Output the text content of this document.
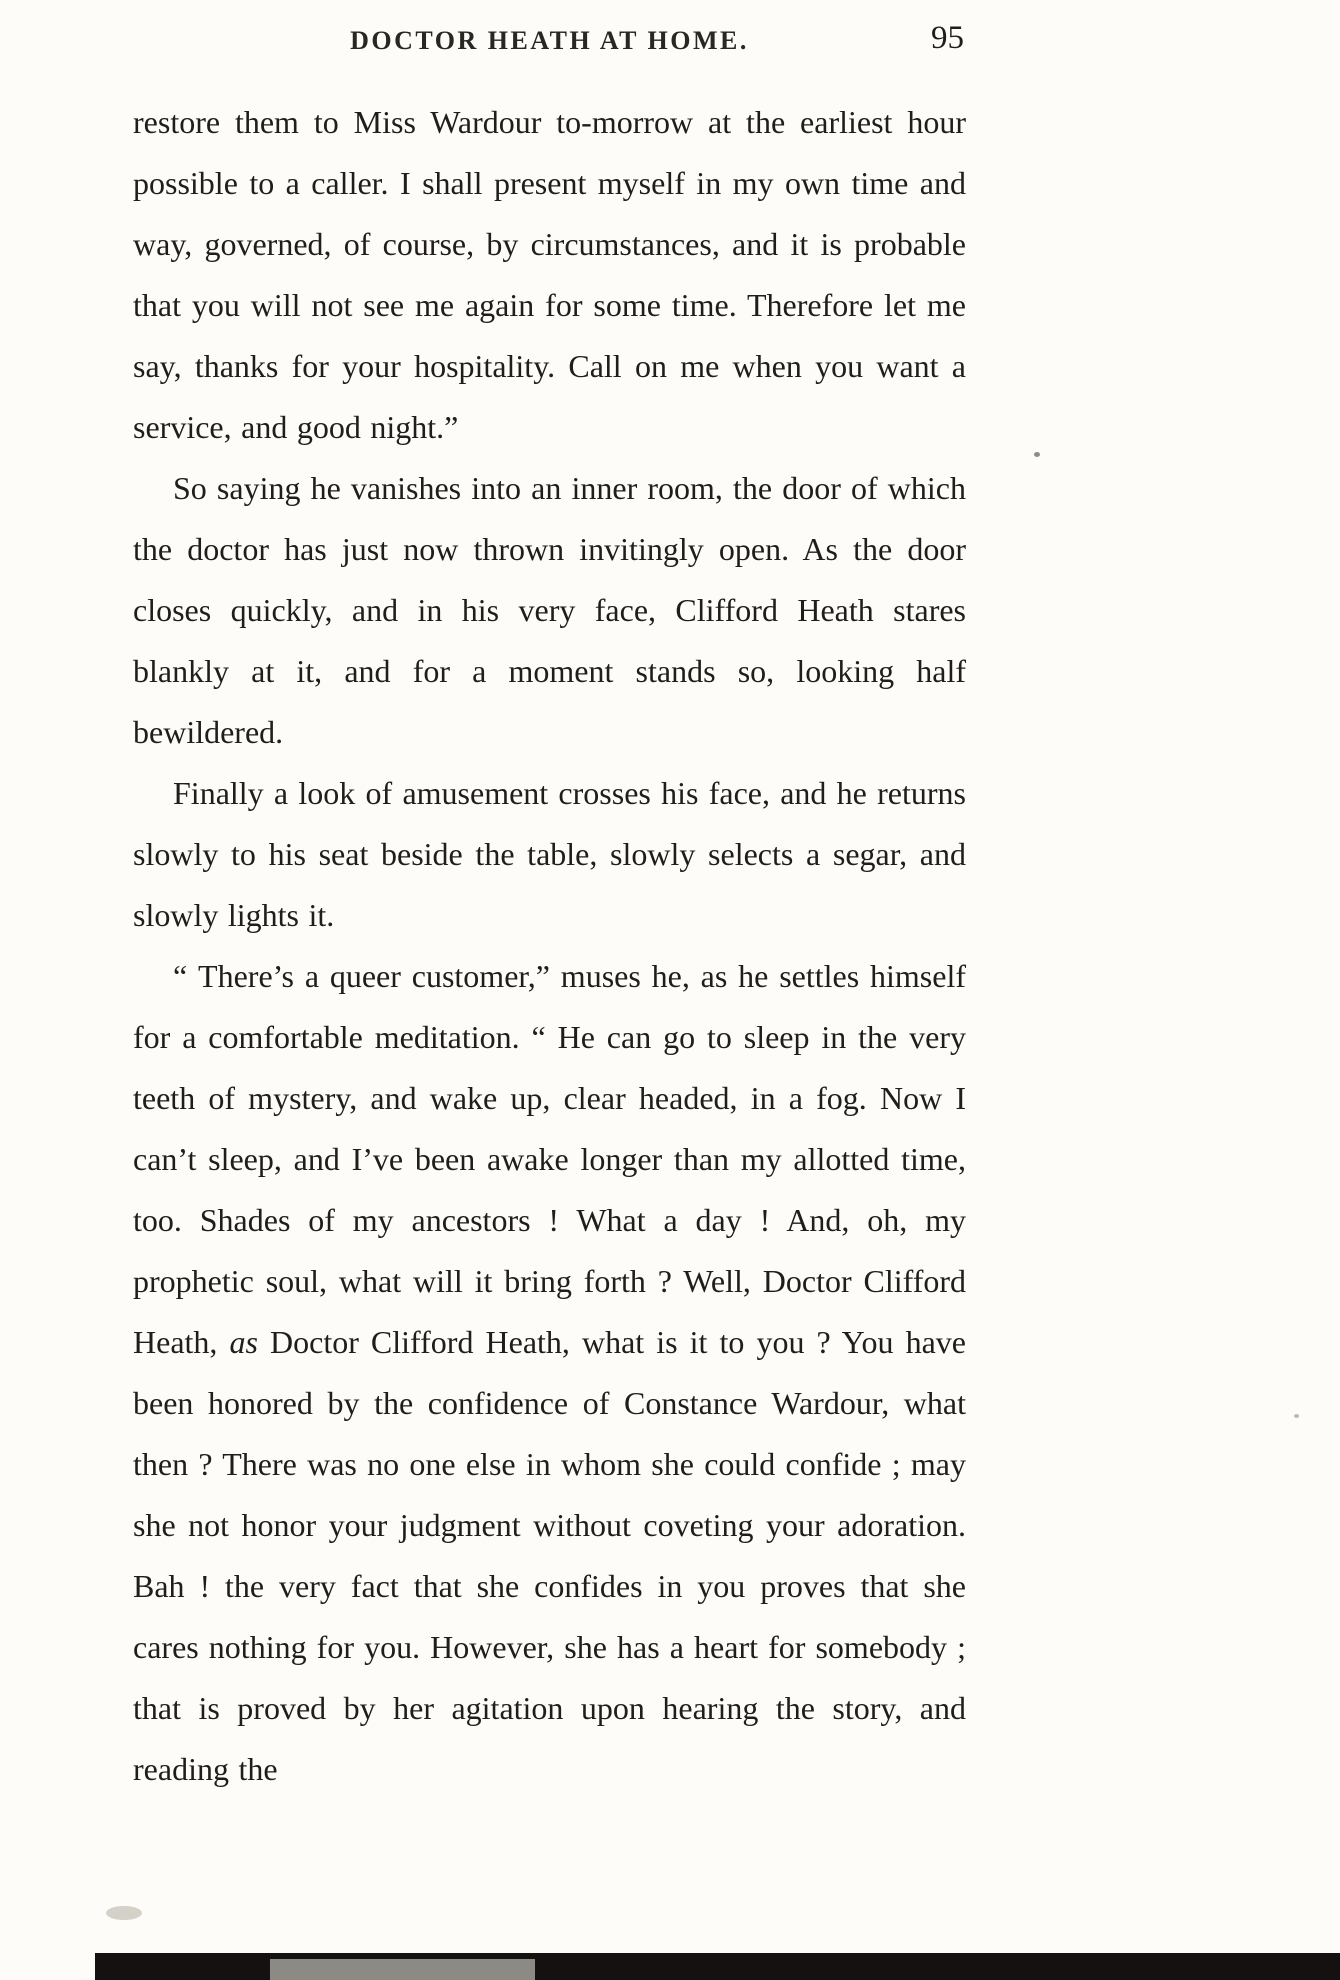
DOCTOR HEATH AT HOME.	95

restore them to Miss Wardour to-morrow at the earliest hour possible to a caller. I shall present myself in my own time and way, governed, of course, by circumstances, and it is probable that you will not see me again for some time. Therefore let me say, thanks for your hospitality. Call on me when you want a service, and good night.”

So saying he vanishes into an inner room, the door of which the doctor has just now thrown invitingly open. As the door closes quickly, and in his very face, Clifford Heath stares blankly at it, and for a moment stands so, looking half bewildered.

Finally a look of amusement crosses his face, and he returns slowly to his seat beside the table, slowly selects a segar, and slowly lights it.

“ There’s a queer customer,” muses he, as he settles himself for a comfortable meditation. “ He can go to sleep in the very teeth of mystery, and wake up, clear headed, in a fog. Now I can’t sleep, and I’ve been awake longer than my allotted time, too. Shades of my ancestors ! What a day ! And, oh, my prophetic soul, what will it bring forth ? Well, Doctor Clifford Heath, as Doctor Clifford Heath, what is it to you ? You have been honored by the confidence of Constance Wardour, what then ? There was no one else in whom she could confide ; may she not honor your judgment without coveting your adoration. Bah ! the very fact that she confides in you proves that she cares nothing for you. However, she has a heart for somebody ; that is proved by her agitation upon hearing the story, and reading the
